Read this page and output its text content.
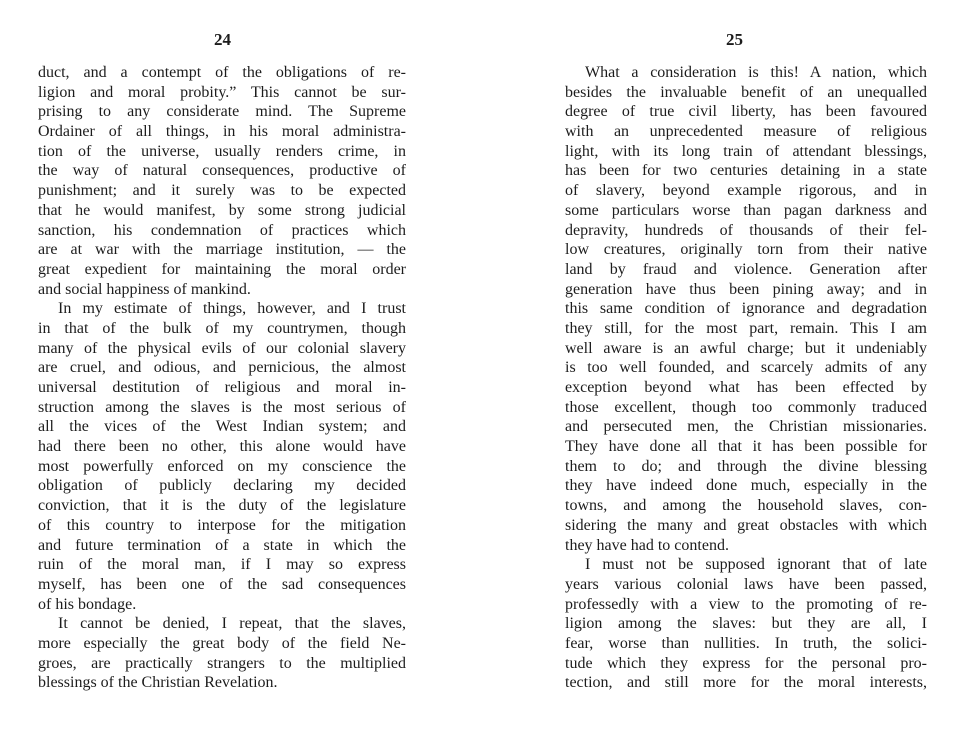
24
duct, and a contempt of the obligations of re-
ligion and moral probity.” This cannot be sur-
prising to any considerate mind. The Supreme
Ordainer of all things, in his moral administra-
tion of the universe, usually renders crime, in
the way of natural consequences, productive of
punishment; and it surely was to be expected
that he would manifest, by some strong judicial
sanction, his condemnation of practices which
are at war with the marriage institution, — the
great expedient for maintaining the moral order
and social happiness of mankind.
In my estimate of things, however, and I trust
in that of the bulk of my countrymen, though
many of the physical evils of our colonial slavery
are cruel, and odious, and pernicious, the almost
universal destitution of religious and moral in-
struction among the slaves is the most serious of
all the vices of the West Indian system; and
had there been no other, this alone would have
most powerfully enforced on my conscience the
obligation of publicly declaring my decided
conviction, that it is the duty of the legislature
of this country to interpose for the mitigation
and future termination of a state in which the
ruin of the moral man, if I may so express
myself, has been one of the sad consequences
of his bondage.
It cannot be denied, I repeat, that the slaves,
more especially the great body of the field Ne-
groes, are practically strangers to the multiplied
blessings of the Christian Revelation.
25
What a consideration is this! A nation, which
besides the invaluable benefit of an unequalled
degree of true civil liberty, has been favoured
with an unprecedented measure of religious
light, with its long train of attendant blessings,
has been for two centuries detaining in a state
of slavery, beyond example rigorous, and in
some particulars worse than pagan darkness and
depravity, hundreds of thousands of their fel-
low creatures, originally torn from their native
land by fraud and violence. Generation after
generation have thus been pining away; and in
this same condition of ignorance and degradation
they still, for the most part, remain. This I am
well aware is an awful charge; but it undeniably
is too well founded, and scarcely admits of any
exception beyond what has been effected by
those excellent, though too commonly traduced
and persecuted men, the Christian missionaries.
They have done all that it has been possible for
them to do; and through the divine blessing
they have indeed done much, especially in the
towns, and among the household slaves, con-
sidering the many and great obstacles with which
they have had to contend.
I must not be supposed ignorant that of late
years various colonial laws have been passed,
professedly with a view to the promoting of re-
ligion among the slaves: but they are all, I
fear, worse than nullities. In truth, the solici-
tude which they express for the personal pro-
tection, and still more for the moral interests,
